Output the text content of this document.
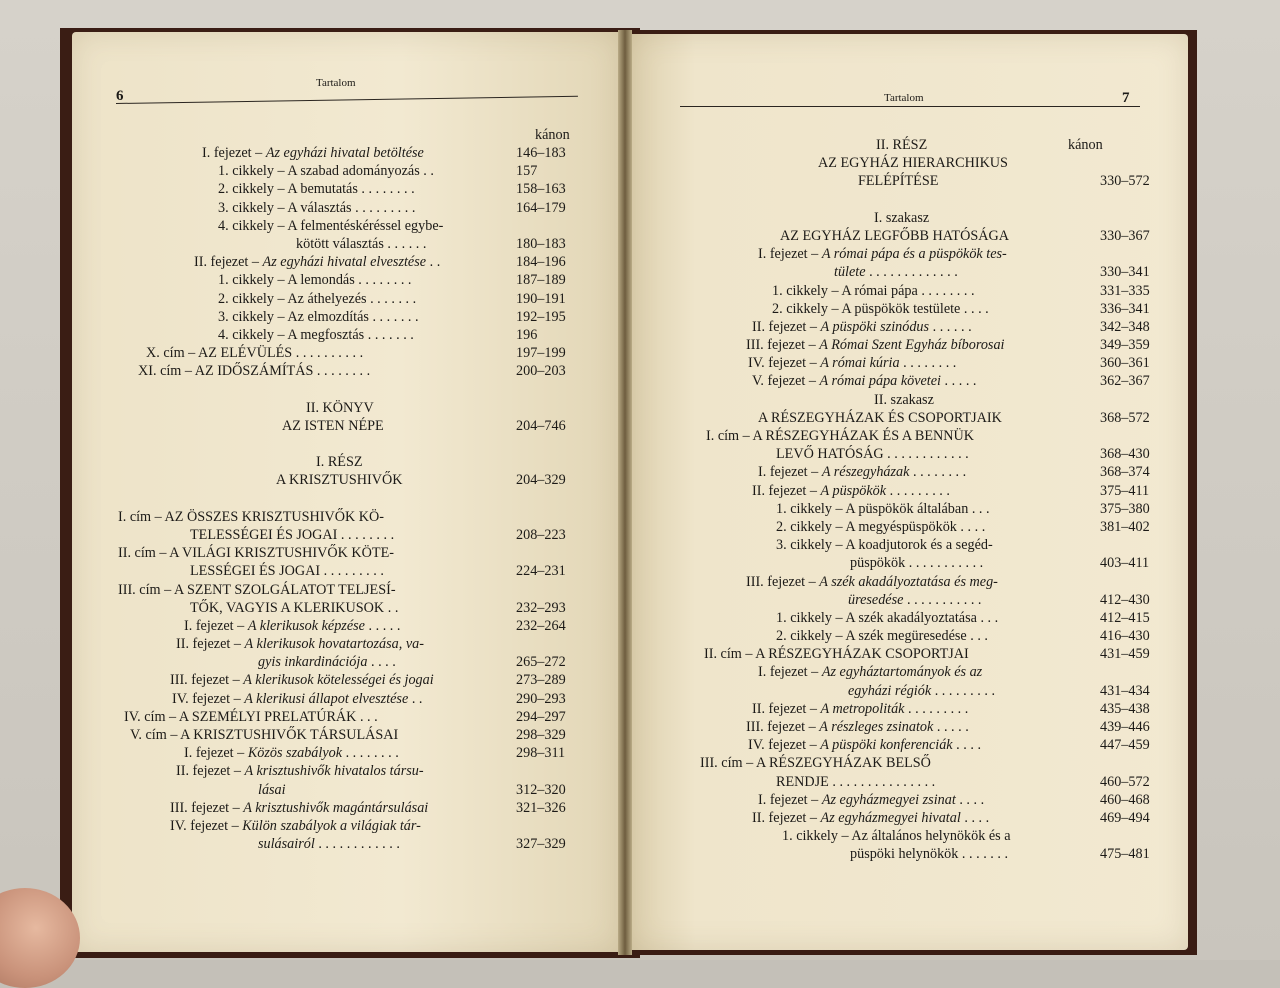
6
Tartalom
kánon
Tartalom	7
I. fejezet – Az egyházi hivatal betöltése	146–183
1. cikkely – A szabad adományozás . .	157
2. cikkely – A bemutatás . . . . . . . .	158–163
3. cikkely – A választás . . . . . . . . .	164–179
4. cikkely – A felmentéskéréssel egybe-
kötött választás . . . . . .	180–183
II. fejezet – Az egyházi hivatal elvesztése . .	184–196
1. cikkely – A lemondás . . . . . . . .	187–189
2. cikkely – Az áthelyezés . . . . . . .	190–191
3. cikkely – Az elmozdítás . . . . . . .	192–195
4. cikkely – A megfosztás . . . . . . .	196
X. cím – AZ ELÉVÜLÉS . . . . . . . . . .	197–199
XI. cím – AZ IDŐSZÁMÍTÁS . . . . . . . .	200–203
II. KÖNYV
AZ ISTEN NÉPE	204–746
I. RÉSZ
A KRISZTUSHIVŐK	204–329
I. cím – AZ ÖSSZES KRISZTUSHIVŐK KÖ-
TELESSÉGEI ÉS JOGAI . . . . . . . .	208–223
II. cím – A VILÁGI KRISZTUSHIVŐK KÖTE-
LESSÉGEI ÉS JOGAI . . . . . . . . .	224–231
III. cím – A SZENT SZOLGÁLATOT TELJESÍ-
TŐK, VAGYIS A KLERIKUSOK . .	232–293
I. fejezet – A klerikusok képzése . . . . .	232–264
II. fejezet – A klerikusok hovatartozása, va-
gyis inkardinációja . . . .	265–272
III. fejezet – A klerikusok kötelességei és jogai	273–289
IV. fejezet – A klerikusi állapot elvesztése . .	290–293
IV. cím – A SZEMÉLYI PRELATÚRÁK . . .	294–297
V. cím – A KRISZTUSHIVŐK TÁRSULÁSAI	298–329
I. fejezet – Közös szabályok . . . . . . . .	298–311
II. fejezet – A krisztushivők hivatalos társu-
lásai	312–320
III. fejezet – A krisztushivők magántársulásai	321–326
IV. fejezet – Külön szabályok a világiak tár-
sulásairól . . . . . . . . . . . .	327–329
II. RÉSZ	kánon
AZ EGYHÁZ HIERARCHIKUS
FELÉPÍTÉSE	330–572
I. szakasz
AZ EGYHÁZ LEGFŐBB HATÓSÁGA	330–367
I. fejezet – A római pápa és a püspökök tes-
tülete . . . . . . . . . . . . .	330–341
1. cikkely – A római pápa . . . . . . . .	331–335
2. cikkely – A püspökök testülete . . . .	336–341
II. fejezet – A püspöki szinódus . . . . . .	342–348
III. fejezet – A Római Szent Egyház bíborosai	349–359
IV. fejezet – A római kúria . . . . . . . .	360–361
V. fejezet – A római pápa követei . . . . .	362–367
II. szakasz
A RÉSZEGYHÁZAK ÉS CSOPORTJAIK	368–572
I. cím – A RÉSZEGYHÁZAK ÉS A BENNÜK
LEVŐ HATÓSÁG . . . . . . . . . . . .	368–430
I. fejezet – A részegyházak . . . . . . . .	368–374
II. fejezet – A püspökök . . . . . . . . .	375–411
1. cikkely – A püspökök általában . . .	375–380
2. cikkely – A megyéspüspökök . . . .	381–402
3. cikkely – A koadjutorok és a segéd-
püspökök . . . . . . . . . . .	403–411
III. fejezet – A szék akadályoztatása és meg-
üresedése . . . . . . . . . . .	412–430
1. cikkely – A szék akadályoztatása . . .	412–415
2. cikkely – A szék megüresedése . . .	416–430
II. cím – A RÉSZEGYHÁZAK CSOPORTJAI	431–459
I. fejezet – Az egyháztartományok és az
egyházi régiók . . . . . . . . .	431–434
II. fejezet – A metropoliták . . . . . . . . .	435–438
III. fejezet – A részleges zsinatok . . . . .	439–446
IV. fejezet – A püspöki konferenciák . . . .	447–459
III. cím – A RÉSZEGYHÁZAK BELSŐ
RENDJE . . . . . . . . . . . . . . .	460–572
I. fejezet – Az egyházmegyei zsinat . . . .	460–468
II. fejezet – Az egyházmegyei hivatal . . . .	469–494
1. cikkely – Az általános helynökök és a
püspöki helynökök . . . . . . .	475–481
